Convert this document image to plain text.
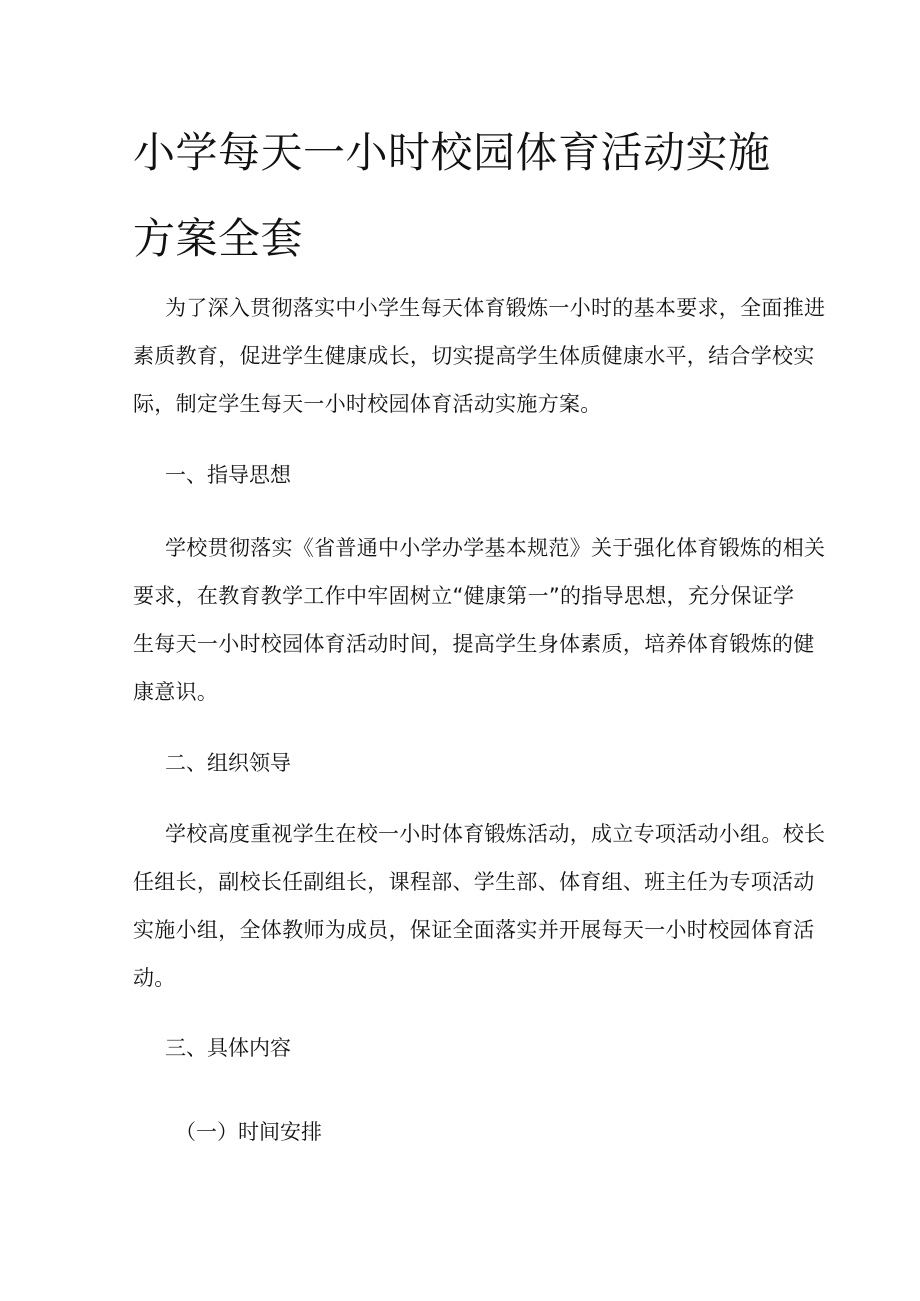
小学每天一小时校园体育活动实施
方案全套

为了深入贯彻落实中小学生每天体育锻炼一小时的基本要求，全面推进
素质教育，促进学生健康成长，切实提高学生体质健康水平，结合学校实
际，制定学生每天一小时校园体育活动实施方案。

一、指导思想

学校贯彻落实《省普通中小学办学基本规范》关于强化体育锻炼的相关
要求，在教育教学工作中牢固树立“健康第一”的指导思想，充分保证学
生每天一小时校园体育活动时间，提高学生身体素质，培养体育锻炼的健
康意识。

二、组织领导

学校高度重视学生在校一小时体育锻炼活动，成立专项活动小组。校长
任组长，副校长任副组长，课程部、学生部、体育组、班主任为专项活动
实施小组，全体教师为成员，保证全面落实并开展每天一小时校园体育活
动。

三、具体内容
（一）时间安排
